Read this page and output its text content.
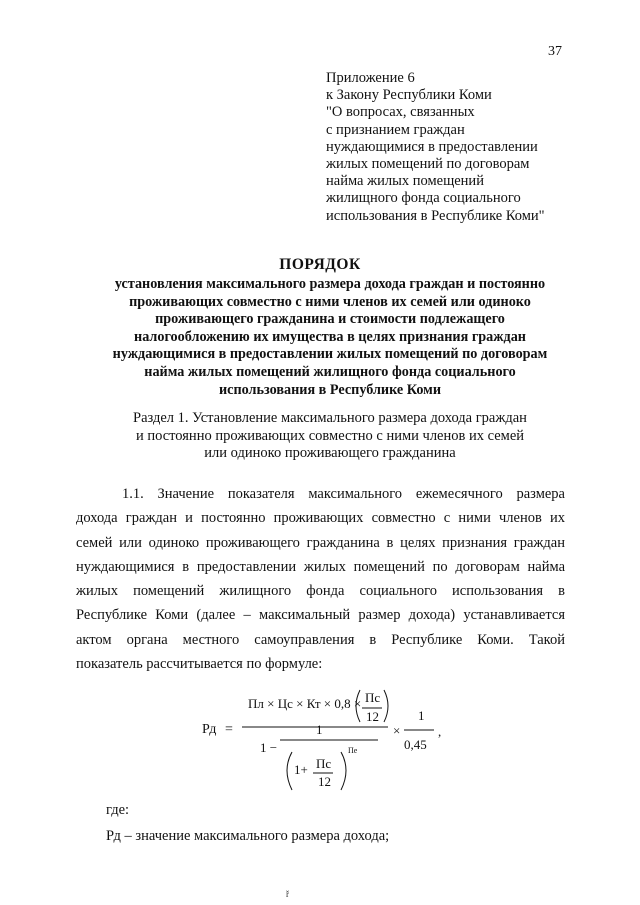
37
Приложение 6
к Закону Республики Коми
"О вопросах, связанных
с признанием граждан
нуждающимися в предоставлении
жилых помещений по договорам
найма жилых помещений
жилищного фонда социального
использования в Республике Коми"
ПОРЯДОК
установления максимального размера дохода граждан и постоянно
проживающих совместно с ними членов их семей или одиноко
проживающего гражданина и стоимости подлежащего
налогообложению их имущества в целях признания граждан
нуждающимися в предоставлении жилых помещений по договорам
найма жилых помещений жилищного фонда социального
использования в Республике Коми
Раздел 1. Установление максимального размера дохода граждан
и постоянно проживающих совместно с ними членов их семей
или одиноко проживающего гражданина
1.1. Значение показателя максимального ежемесячного размера
дохода граждан и постоянно проживающих совместно с ними членов их
семей или одиноко проживающего гражданина в целях признания граждан
нуждающимися в предоставлении жилых помещений по договорам найма
жилых помещений жилищного фонда социального использования в
Республике Коми (далее – максимальный размер дохода) устанавливается
актом органа местного самоуправления в Республике Коми. Такой
показатель рассчитывается по формуле:
Рд =
Пл × Цс × Кт × 0,8 × Пс
12
1
1 −
1+ Пс
12
Пе
×
1
0,45
,
где:
Рд – значение максимального размера дохода;
ř
